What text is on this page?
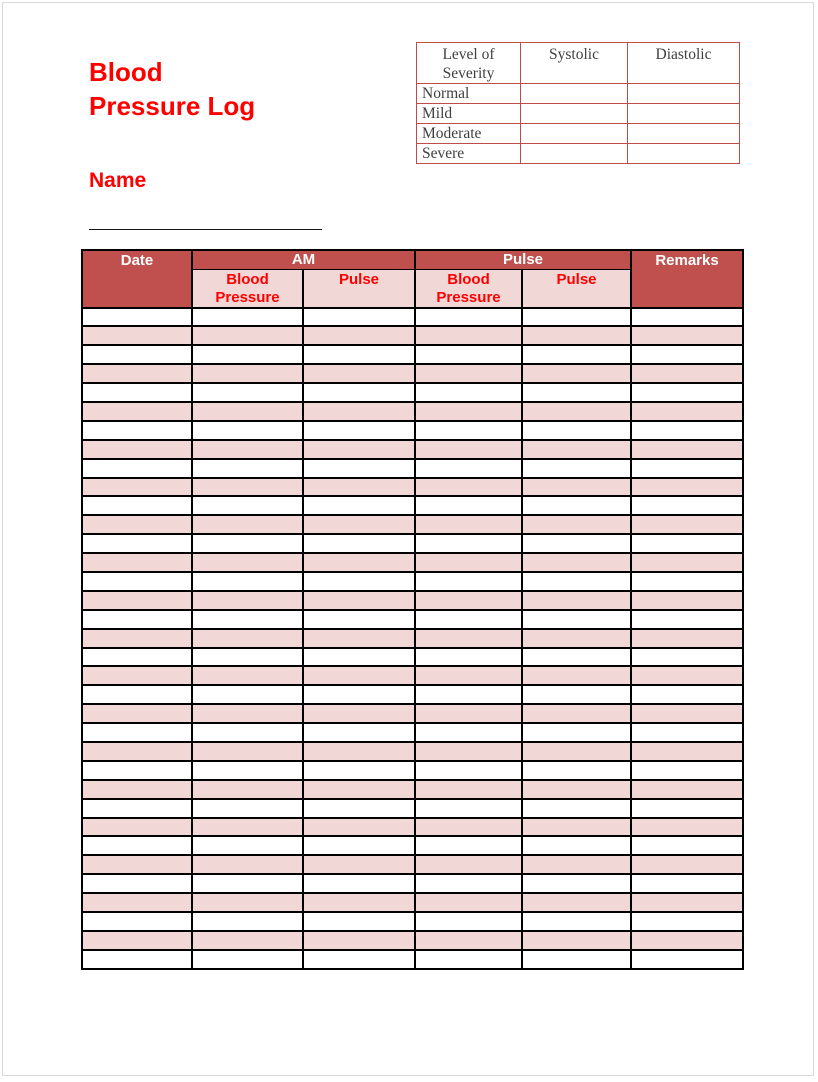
Blood
Pressure Log
Name
Level of Severity	Systolic	Diastolic
Normal		
Mild		
Moderate		
Severe		
Date	AM		Pulse		Remarks
	Blood Pressure	Pulse	Blood Pressure	Pulse	
